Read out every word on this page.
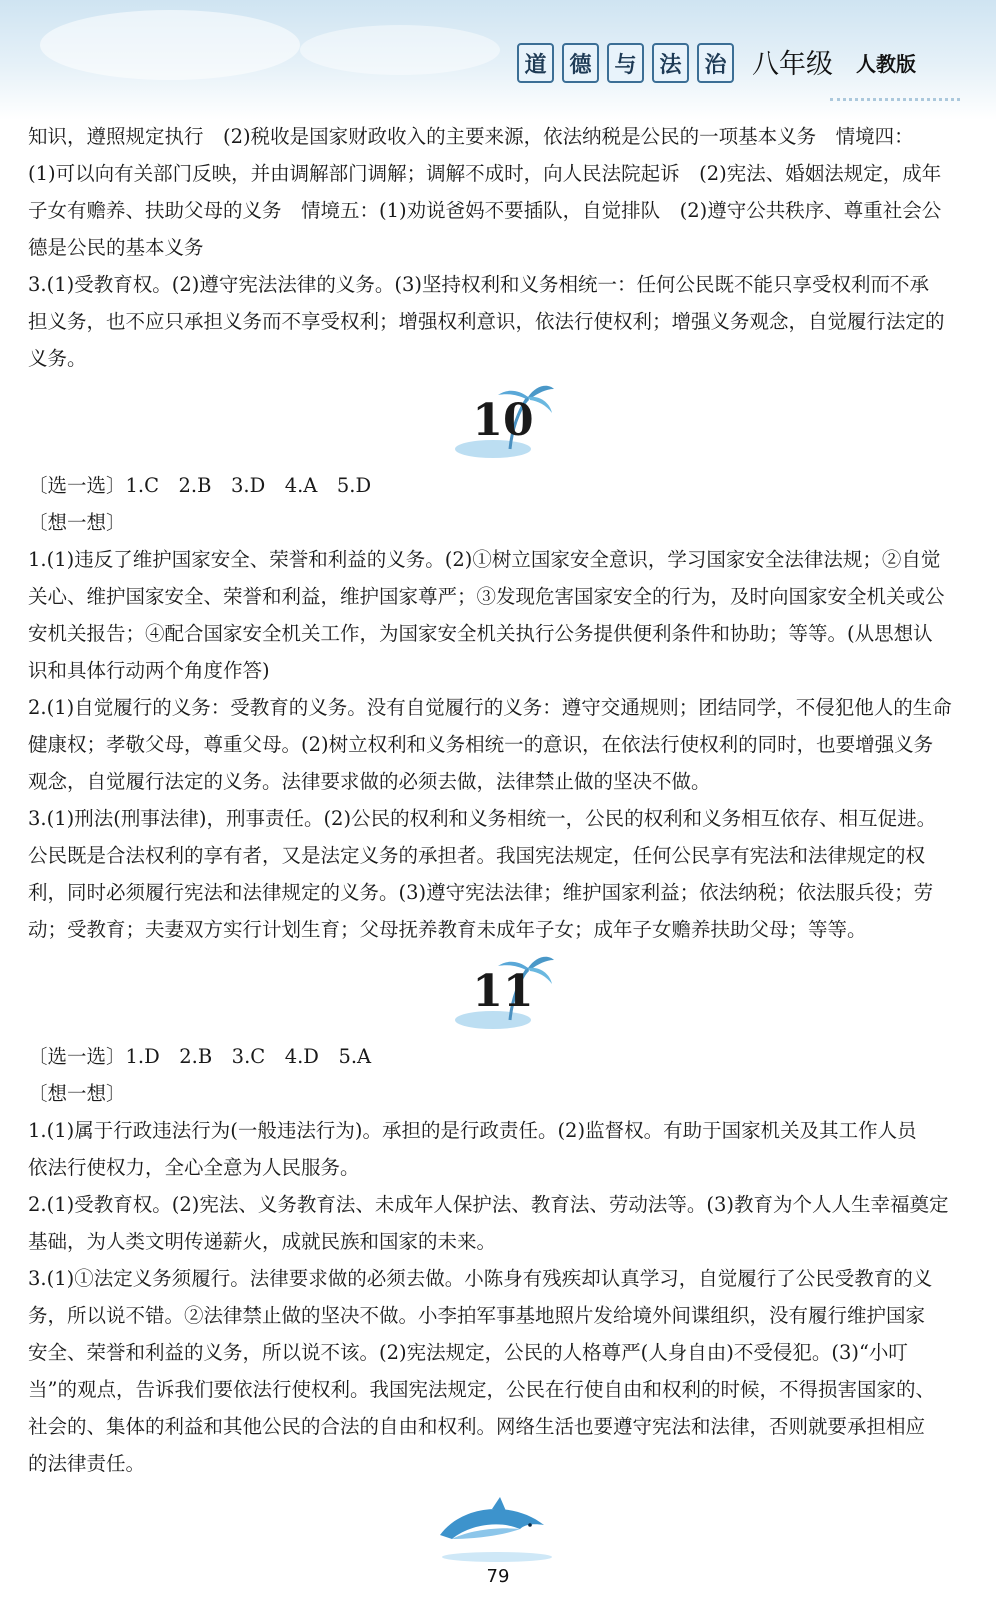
道	德	与	法	治 八年级 人教版

知识，遵照规定执行　(2)税收是国家财政收入的主要来源，依法纳税是公民的一项基本义务　情境四：

(1)可以向有关部门反映，并由调解部门调解；调解不成时，向人民法院起诉　(2)宪法、婚姻法规定，成年

子女有赡养、扶助父母的义务　情境五：(1)劝说爸妈不要插队，自觉排队　(2)遵守公共秩序、尊重社会公

德是公民的基本义务

3.(1)受教育权。(2)遵守宪法法律的义务。(3)坚持权利和义务相统一：任何公民既不能只享受权利而不承

担义务，也不应只承担义务而不享受权利；增强权利意识，依法行使权利；增强义务观念，自觉履行法定的

义务。

10

〔选一选〕1.C　2.B　3.D　4.A　5.D

〔想一想〕

1.(1)违反了维护国家安全、荣誉和利益的义务。(2)①树立国家安全意识，学习国家安全法律法规；②自觉

关心、维护国家安全、荣誉和利益，维护国家尊严；③发现危害国家安全的行为，及时向国家安全机关或公

安机关报告；④配合国家安全机关工作，为国家安全机关执行公务提供便利条件和协助；等等。(从思想认

识和具体行动两个角度作答)

2.(1)自觉履行的义务：受教育的义务。没有自觉履行的义务：遵守交通规则；团结同学，不侵犯他人的生命

健康权；孝敬父母，尊重父母。(2)树立权利和义务相统一的意识，在依法行使权利的同时，也要增强义务

观念，自觉履行法定的义务。法律要求做的必须去做，法律禁止做的坚决不做。

3.(1)刑法(刑事法律)，刑事责任。(2)公民的权利和义务相统一，公民的权利和义务相互依存、相互促进。

公民既是合法权利的享有者，又是法定义务的承担者。我国宪法规定，任何公民享有宪法和法律规定的权

利，同时必须履行宪法和法律规定的义务。(3)遵守宪法法律；维护国家利益；依法纳税；依法服兵役；劳

动；受教育；夫妻双方实行计划生育；父母抚养教育未成年子女；成年子女赡养扶助父母；等等。

11

〔选一选〕1.D　2.B　3.C　4.D　5.A

〔想一想〕

1.(1)属于行政违法行为(一般违法行为)。承担的是行政责任。(2)监督权。有助于国家机关及其工作人员

依法行使权力，全心全意为人民服务。

2.(1)受教育权。(2)宪法、义务教育法、未成年人保护法、教育法、劳动法等。(3)教育为个人人生幸福奠定

基础，为人类文明传递薪火，成就民族和国家的未来。

3.(1)①法定义务须履行。法律要求做的必须去做。小陈身有残疾却认真学习，自觉履行了公民受教育的义

务，所以说不错。②法律禁止做的坚决不做。小李拍军事基地照片发给境外间谍组织，没有履行维护国家

安全、荣誉和利益的义务，所以说不该。(2)宪法规定，公民的人格尊严(人身自由)不受侵犯。(3)“小叮

当”的观点，告诉我们要依法行使权利。我国宪法规定，公民在行使自由和权利的时候，不得损害国家的、

社会的、集体的利益和其他公民的合法的自由和权利。网络生活也要遵守宪法和法律，否则就要承担相应

的法律责任。

79
